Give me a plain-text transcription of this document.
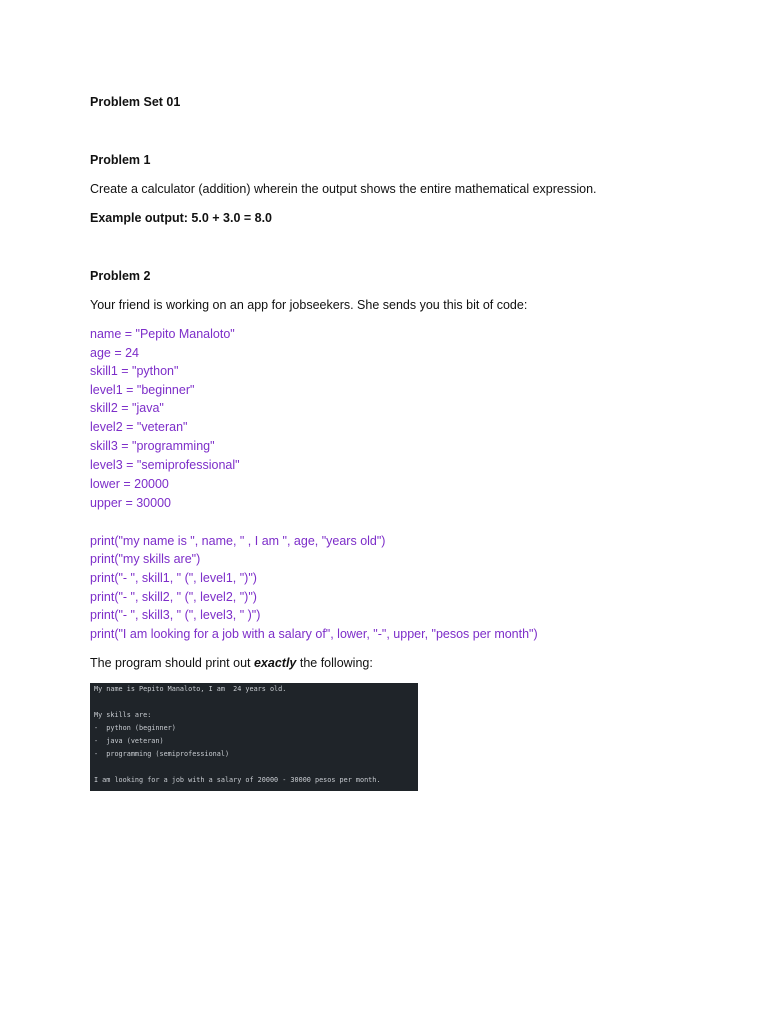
Problem Set 01
Problem 1
Create a calculator (addition) wherein the output shows the entire mathematical expression.
Example output: 5.0 + 3.0 = 8.0
Problem 2
Your friend is working on an app for jobseekers. She sends you this bit of code:
name = "Pepito Manaloto"
age = 24
skill1 = "python"
level1 = "beginner"
skill2 = "java"
level2 = "veteran"
skill3 = "programming"
level3 = "semiprofessional"
lower = 20000
upper = 30000
print("my name is ", name, " , I am ", age, "years old")
print("my skills are")
print("- ", skill1, " (", level1, ")")
print("- ", skill2, " (", level2, ")")
print("- ", skill3, " (", level3, " )")
print("I am looking for a job with a salary of", lower, "-", upper, "pesos per month")
The program should print out exactly the following:
My name is Pepito Manaloto, I am  24 years old.
My skills are:
-  python (beginner)
-  java (veteran)
-  programming (semiprofessional)
I am looking for a job with a salary of 20000 - 30000 pesos per month.
